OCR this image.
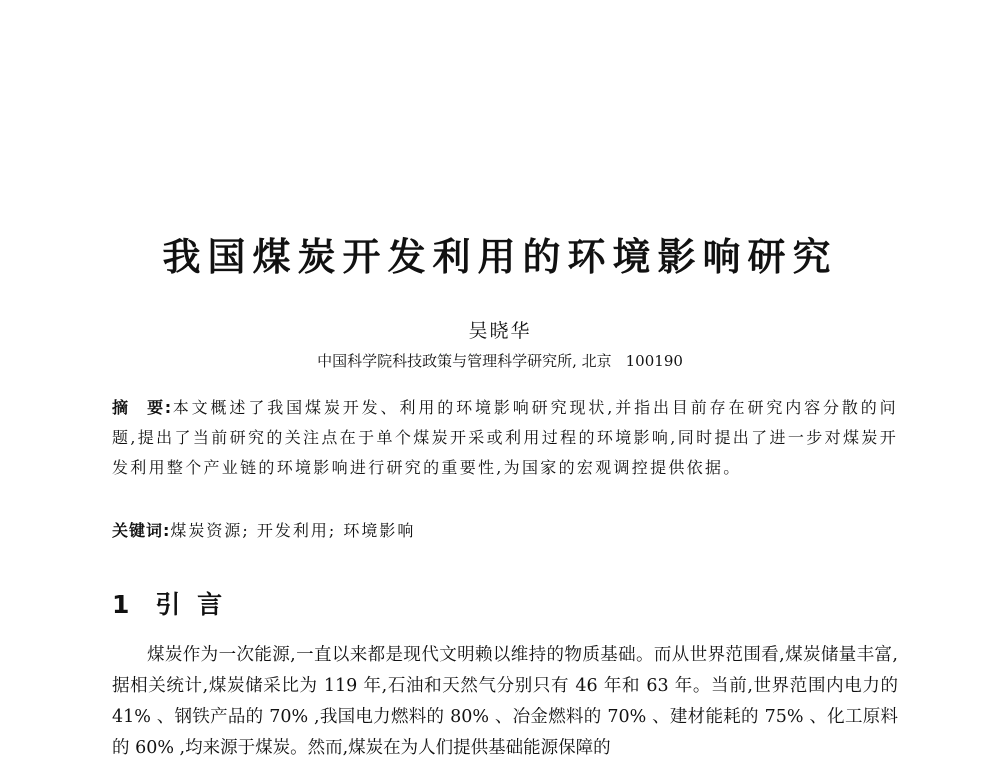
我国煤炭开发利用的环境影响研究
吴晓华
中国科学院科技政策与管理科学研究所, 北京 100190

摘　要:本文概述了我国煤炭开发、利用的环境影响研究现状,并指出目前存在研究内容分散的问题,提出了当前研究的关注点在于单个煤炭开采或利用过程的环境影响,同时提出了进一步对煤炭开发利用整个产业链的环境影响进行研究的重要性,为国家的宏观调控提供依据。

关键词:煤炭资源; 开发利用; 环境影响

1 引 言

煤炭作为一次能源,一直以来都是现代文明赖以维持的物质基础。而从世界范围看,煤炭储量丰富,据相关统计,煤炭储采比为 119 年,石油和天然气分别只有 46 年和 63 年。当前,世界范围内电力的 41% 、钢铁产品的 70% ,我国电力燃料的 80% 、冶金燃料的 70% 、建材能耗的 75% 、化工原料的 60% ,均来源于煤炭。然而,煤炭在为人们提供基础能源保障的
